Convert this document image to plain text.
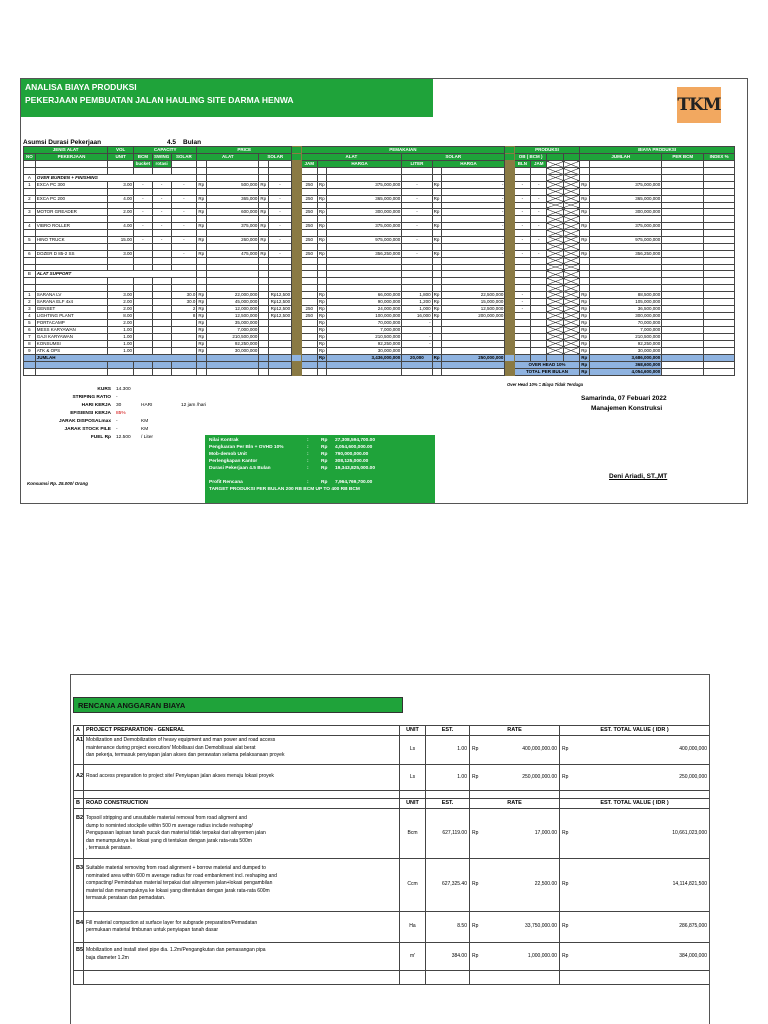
ANALISA BIAYA PRODUKSI
PEKERJAAN PEMBUATAN JALAN HAULING SITE DARMA HENWA	TKM
Asumsi Durasi Pekerjaan	4.5 Bulan
JENIS ALAT		VOL	CAPACITY			PRICE					PEMAKAIAN							PRODUKSI				BIAYA PRODUKSI			
NO	PEKERJAAN	UNIT	BCM	SWING	SOLAR	ALAT		SOLAR			ALAT			SOLAR				OB ( BCM )				JUMLAH		PER BCM	INDEX %
			bucket	rotasi							JAM	HARGA		LITER	HARGA			BLN	JAM						

A	OVER BURDEN + FINISHING																								
1	EXCA PC 300	3.00	-	-	-	Rp	500,000	Rp	-		250	Rp	375,000,000	-	Rp	-		-	-			Rp	375,000,000		

2	EXCA PC 200	4.00	-	-	-	Rp	365,000	Rp	-		250	Rp	365,000,000	-	Rp	-		-	-			Rp	365,000,000		

3	MOTOR GREADER	2.00	-	-	-	Rp	600,000	Rp	-		250	Rp	300,000,000	-	Rp	-		-	-			Rp	300,000,000		

4	VIBRO ROLLER	4.00	-	-	-	Rp	375,000	Rp	-		250	Rp	375,000,000	-	Rp	-		-	-			Rp	375,000,000		

5	HINO TRUCK	15.00	-	-	-	Rp	260,000	Rp	-		250	Rp	975,000,000	-	Rp	-		-	-			Rp	975,000,000		

6	DOZER D 85-2 SS	3.00			-	Rp	475,000	Rp	-		250	Rp	356,250,000	-	Rp	-		-	-			Rp	356,250,000		

B	ALAT SUPPORT																								

1	SARANA LV	3.00			30.0	Rp	22,000,000		Rp12,500			Rp	66,000,000	1,800	Rp	22,500,000		-				Rp	88,500,000		
2	SARANA ELF 4x4	2.00			30.0	Rp	45,000,000		Rp12,500			Rp	90,000,000	1,200	Rp	15,000,000		-				Rp	105,000,000		
3	GENSET	2.00			2	Rp	12,000,000		Rp12,500		250	Rp	24,000,000	1,000	Rp	12,500,000		-				Rp	36,500,000		
4	LIGHTING PLANT	8.00			8	Rp	12,500,000		Rp12,500		250	Rp	100,000,000	16,000	Rp	200,000,000						Rp	300,000,000		
5	PORTACAMP	2.00				Rp	35,000,000					Rp	70,000,000	-								Rp	70,000,000		
6	MESS KARYAWAN	1.00				Rp	7,000,000					Rp	7,000,000									Rp	7,000,000		
7	GAJI KARYAWAN	1.00				Rp	210,500,000					Rp	210,500,000	-								Rp	210,500,000		
8	KONSUMSI	1.00				Rp	92,250,000					Rp	92,250,000	-								Rp	92,250,000		
9	ATK & OPS	1.00				Rp	30,000,000					Rp	30,000,000									Rp	30,000,000		
	JUMLAH											Rp	3,436,000,000	20,000	Rp	250,000,000						Rp	3,686,000,000		
																		OVER HEAD 10%				Rp	368,600,000		
																		TOTAL PER BULAN				Rp	4,054,600,000		
KURS 14.300
STRIPING RATIO -
HARI KERJA 30	HARI	12 jam /hari
EFISIENSI KERJA 85%
JARAK DISPOSALmax -	KM
JARAK STOCK PILE -	KM
FUEL Rp 12.500 / Liter
Konsumsi Rp. 25.000/ Orang
Over Head 10% = Biaya Tidak Terduga
Nilai Kontrak	:	Rp 27,308,594,700.00
Pengluaran Per Bln + OVHD 10%	:	Rp 4,054,600,000.00
Mob-demob Unit	:	Rp 790,000,000.00
Perlengkapan Kantor	:	Rp 308,125,000.00
Durasi Pekerjaan 4.5 Bulan	:	Rp 19,343,825,000.00
Profit Rencana	:	Rp 7,964,769,700.00
TARGET PRODUKSI PER BULAN 200 RB BCM UP TO 400 RB BCM
Samarinda, 07 Febuari 2022
Manajemen Konstruksi
Deni Ariadi, ST.,MT
RENCANA ANGGARAN BIAYA
A	PROJECT PREPARATION - GENERAL	UNIT	EST.	RATE		EST. TOTAL VALUE ( IDR )	
A1	Mobilization and Demobilization of heavy equipment and man power and road access
maintenance during project execution/ Mobilisasi dan Demobilisasi alat berat
dan pekerja, termasuk penyiapan jalan akses dan perawatan selama pelaksanaan proyek	Ls	1.00	Rp	400,000,000.00	Rp	400,000,000
A2	Road access preparation to project site/ Penyiapan jalan akses menuju lokasi proyek	Ls	1.00	Rp	250,000,000.00	Rp	250,000,000

B	ROAD CONSTRUCTION	UNIT	EST.	RATE		EST. TOTAL VALUE ( IDR )	
B2	Topsoil stripping and unsuitable material removal from road aligment and
dump to nominted stockpile within 500 m average radius include reshaping/
Pengupasan lapisan tanah pucuk dan material tidak terpakai dari alinyemen jalan
dan menumpuknya ke lokasi yang di tentukan dengan jarak rata-rata 500m
, termasuk perataan.	Bcm	627,119.00	Rp	17,000.00	Rp	10,661,023,000
B3	Suitable material removing from road alignment + borrow material and dumped to
nominated area within 600 m average radius for road embankment incl. reshaping and
compacting/ Pemindahan material terpakai dari alinyemen jalan+lokasi pengambilan
material dan menumpuknya ke lokasi yang ditentukan dengan jarak rata-rata 600m
termasuk perataan dan pemadatan.	Ccm	627,325.40	Rp	22,500.00	Rp	14,114,821,500
B4	Fill material compaction at surface layer for subgrade preparation/Pemadatan
permukaan material timbunan untuk penyiapan tanah dasar	Ha	8.50	Rp	33,750,000.00	Rp	286,875,000
B5	Mobilization and install steel pipe dia. 1.2m/Pengangkutan dan pemasangan pipa
baja diameter 1.2m	m'	384.00	Rp	1,000,000.00	Rp	384,000,000
